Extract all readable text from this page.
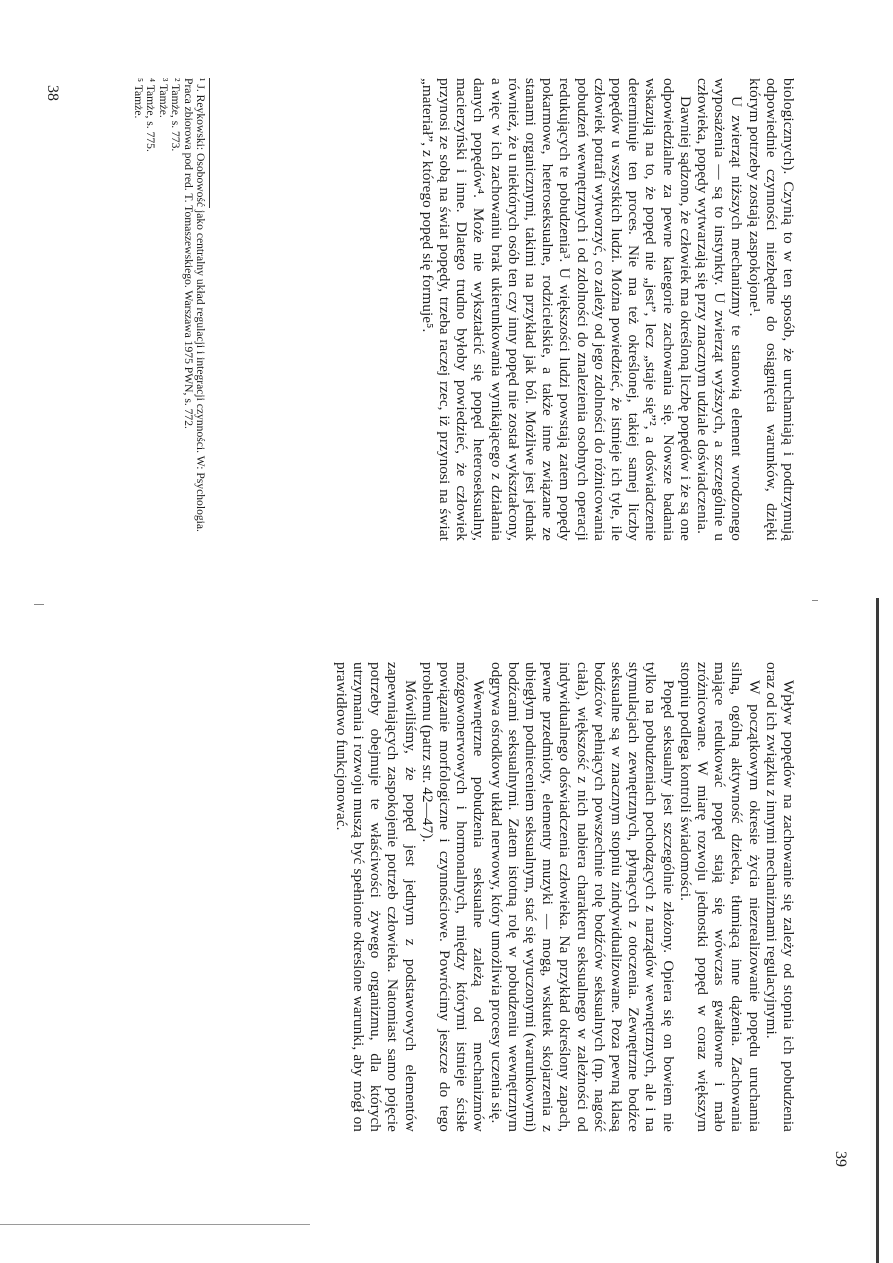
biologicznych). Czynią to w ten sposób, że uruchamiają i podtrzymują odpowiednie czynności niezbędne do osiągnięcia warunków, dzięki którym potrzeby zostają zaspokojone¹.

U zwierząt niższych mechanizmy te stanowią element wrodzonego wyposażenia — są to instynkty. U zwierząt wyższych, a szczególnie u człowieka, popędy wytwarzają się przy znacznym udziale doświadczenia.

Dawniej sądzono, że człowiek ma określoną liczbę popędów i że są one odpowiedzialne za pewne kategorie zachowania się. Nowsze badania wskazują na to, że popęd nie „jest”, lecz „staje się”², a doświadczenie determinuje ten proces. Nie ma też określonej, takiej samej liczby popędów u wszystkich ludzi. Można powiedzieć, że istnieje ich tyle, ile człowiek potrafi wytworzyć, co zależy od jego zdolności do różnicowania pobudzeń wewnętrznych i od zdolności do znalezienia osobnych operacji redukujących te pobudzenia³. U większości ludzi powstają zatem popędy pokarmowe, heteroseksualne, rodzicielskie, a także inne związane ze stanami organicznymi, takimi na przykład jak ból. Możliwe jest jednak również, że u niektórych osób ten czy inny popęd nie został wykształcony, a więc w ich zachowaniu brak ukierunkowania wynikającego z działania danych popędów⁴. Może nie wykształcić się popęd heteroseksualny, macierzyński i inne. Dlatego trudno byłoby powiedzieć, że człowiek przynosi ze sobą na świat popędy, trzeba raczej rzec, iż przynosi na świat „materiał”, z którego popęd się formuje⁵.

¹ J. Reykowski: Osobowość jako centralny układ regulacji i integracji czynności. W: Psychologia. Praca zbiorowa pod red. T. Tomaszewskiego. Warszawa 1975 PWN, s. 772.
² Tamże, s. 773.
³ Tamże.
⁴ Tamże, s. 775.
⁵ Tamże.
38

Wpływ popędów na zachowanie się zależy od stopnia ich pobudzenia oraz od ich związku z innymi mechanizmami regulacyjnymi.

W początkowym okresie życia niezrealizowanie popędu uruchamia silną, ogólną aktywność dziecka, tłumiącą inne dążenia. Zachowania mające redukować popęd stają się wówczas gwałtowne i mało zróżnicowane. W miarę rozwoju jednostki popęd w coraz większym stopniu podlega kontroli świadomości.

Popęd seksualny jest szczególnie złożony. Opiera się on bowiem nie tylko na pobudzeniach pochodzących z narządów wewnętrznych, ale i na stymulacjach zewnętrznych, płynących z otoczenia. Zewnętrzne bodźce seksualne są w znacznym stopniu zindywidualizowane. Poza pewną klasą bodźców pełniących powszechnie rolę bodźców seksualnych (np. nagość ciała), większość z nich nabiera charakteru seksualnego w zależności od indywidualnego doświadczenia człowieka. Na przykład określony zapach, pewne przedmioty, elementy muzyki — mogą, wskutek skojarzenia z ubiegłym podnieceniem seksualnym, stać się wyuczonymi (warunkowymi) bodźcami seksualnymi. Zatem istotną rolę w pobudzeniu wewnętrznym odgrywa ośrodkowy układ nerwowy, który umożliwia procesy uczenia się.

Wewnętrzne pobudzenia seksualne zależą od mechanizmów mózgowonerwowych i hormonalnych, między którymi istnieje ścisłe powiązanie morfologiczne i czynnościowe. Powrócimy jeszcze do tego problemu (patrz str. 42—47).

Mówiliśmy, że popęd jest jednym z podstawowych elementów zapewniających zaspokojenie potrzeb człowieka. Natomiast samo pojęcie potrzeby obejmuje te właściwości żywego organizmu, dla których utrzymania i rozwoju muszą być spełnione określone warunki, aby mógł on prawidłowo funkcjonować.

39
